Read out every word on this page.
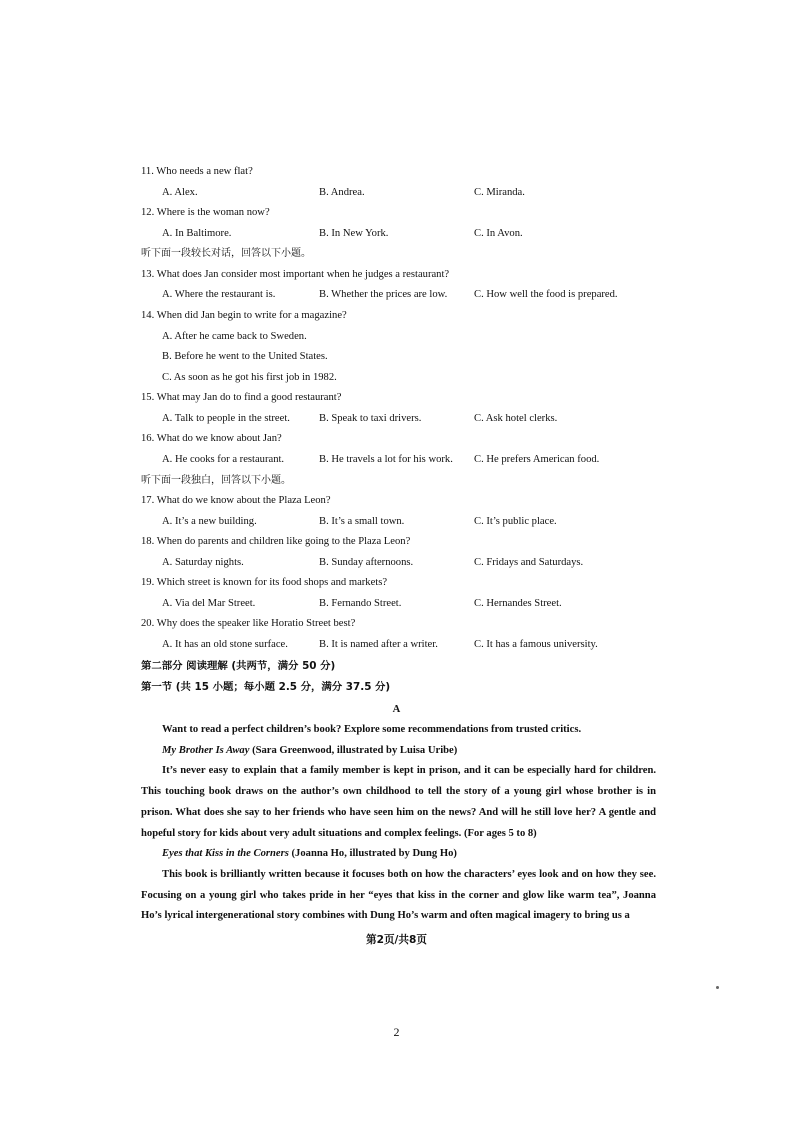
11. Who needs a new flat?
A. Alex.	B. Andrea.	C. Miranda.
12. Where is the woman now?
A. In Baltimore.	B. In New York.	C. In Avon.
听下面一段较长对话，回答以下小题。
13. What does Jan consider most important when he judges a restaurant?
A. Where the restaurant is.	B. Whether the prices are low.	C. How well the food is prepared.
14. When did Jan begin to write for a magazine?
A. After he came back to Sweden.
B. Before he went to the United States.
C. As soon as he got his first job in 1982.
15. What may Jan do to find a good restaurant?
A. Talk to people in the street.	B. Speak to taxi drivers.	C. Ask hotel clerks.
16. What do we know about Jan?
A. He cooks for a restaurant.	B. He travels a lot for his work. C. He prefers American food.
听下面一段独白，回答以下小题。
17. What do we know about the Plaza Leon?
A. It’s a new building.	B. It’s a small town.	C. It’s public place.
18. When do parents and children like going to the Plaza Leon?
A. Saturday nights.	B. Sunday afternoons.	C. Fridays and Saturdays.
19. Which street is known for its food shops and markets?
A. Via del Mar Street.	B. Fernando Street.	C. Hernandes Street.
20. Why does the speaker like Horatio Street best?
A. It has an old stone surface.	B. It is named after a writer.	C. It has a famous university.
第二部分 阅读理解 (共两节，满分 50 分)
第一节 (共 15 小题；每小题 2.5 分，满分 37.5 分)
A
Want to read a perfect children’s book? Explore some recommendations from trusted critics.
My Brother Is Away (Sara Greenwood, illustrated by Luisa Uribe)
It’s never easy to explain that a family member is kept in prison, and it can be especially hard for children. This touching book draws on the author’s own childhood to tell the story of a young girl whose brother is in prison. What does she say to her friends who have seen him on the news? And will he still love her? A gentle and hopeful story for kids about very adult situations and complex feelings. (For ages 5 to 8)
Eyes that Kiss in the Corners (Joanna Ho, illustrated by Dung Ho)
This book is brilliantly written because it focuses both on how the characters’ eyes look and on how they see. Focusing on a young girl who takes pride in her “eyes that kiss in the corner and glow like warm tea”, Joanna Ho’s lyrical intergenerational story combines with Dung Ho’s warm and often magical imagery to bring us a
第2页/共8页
2
